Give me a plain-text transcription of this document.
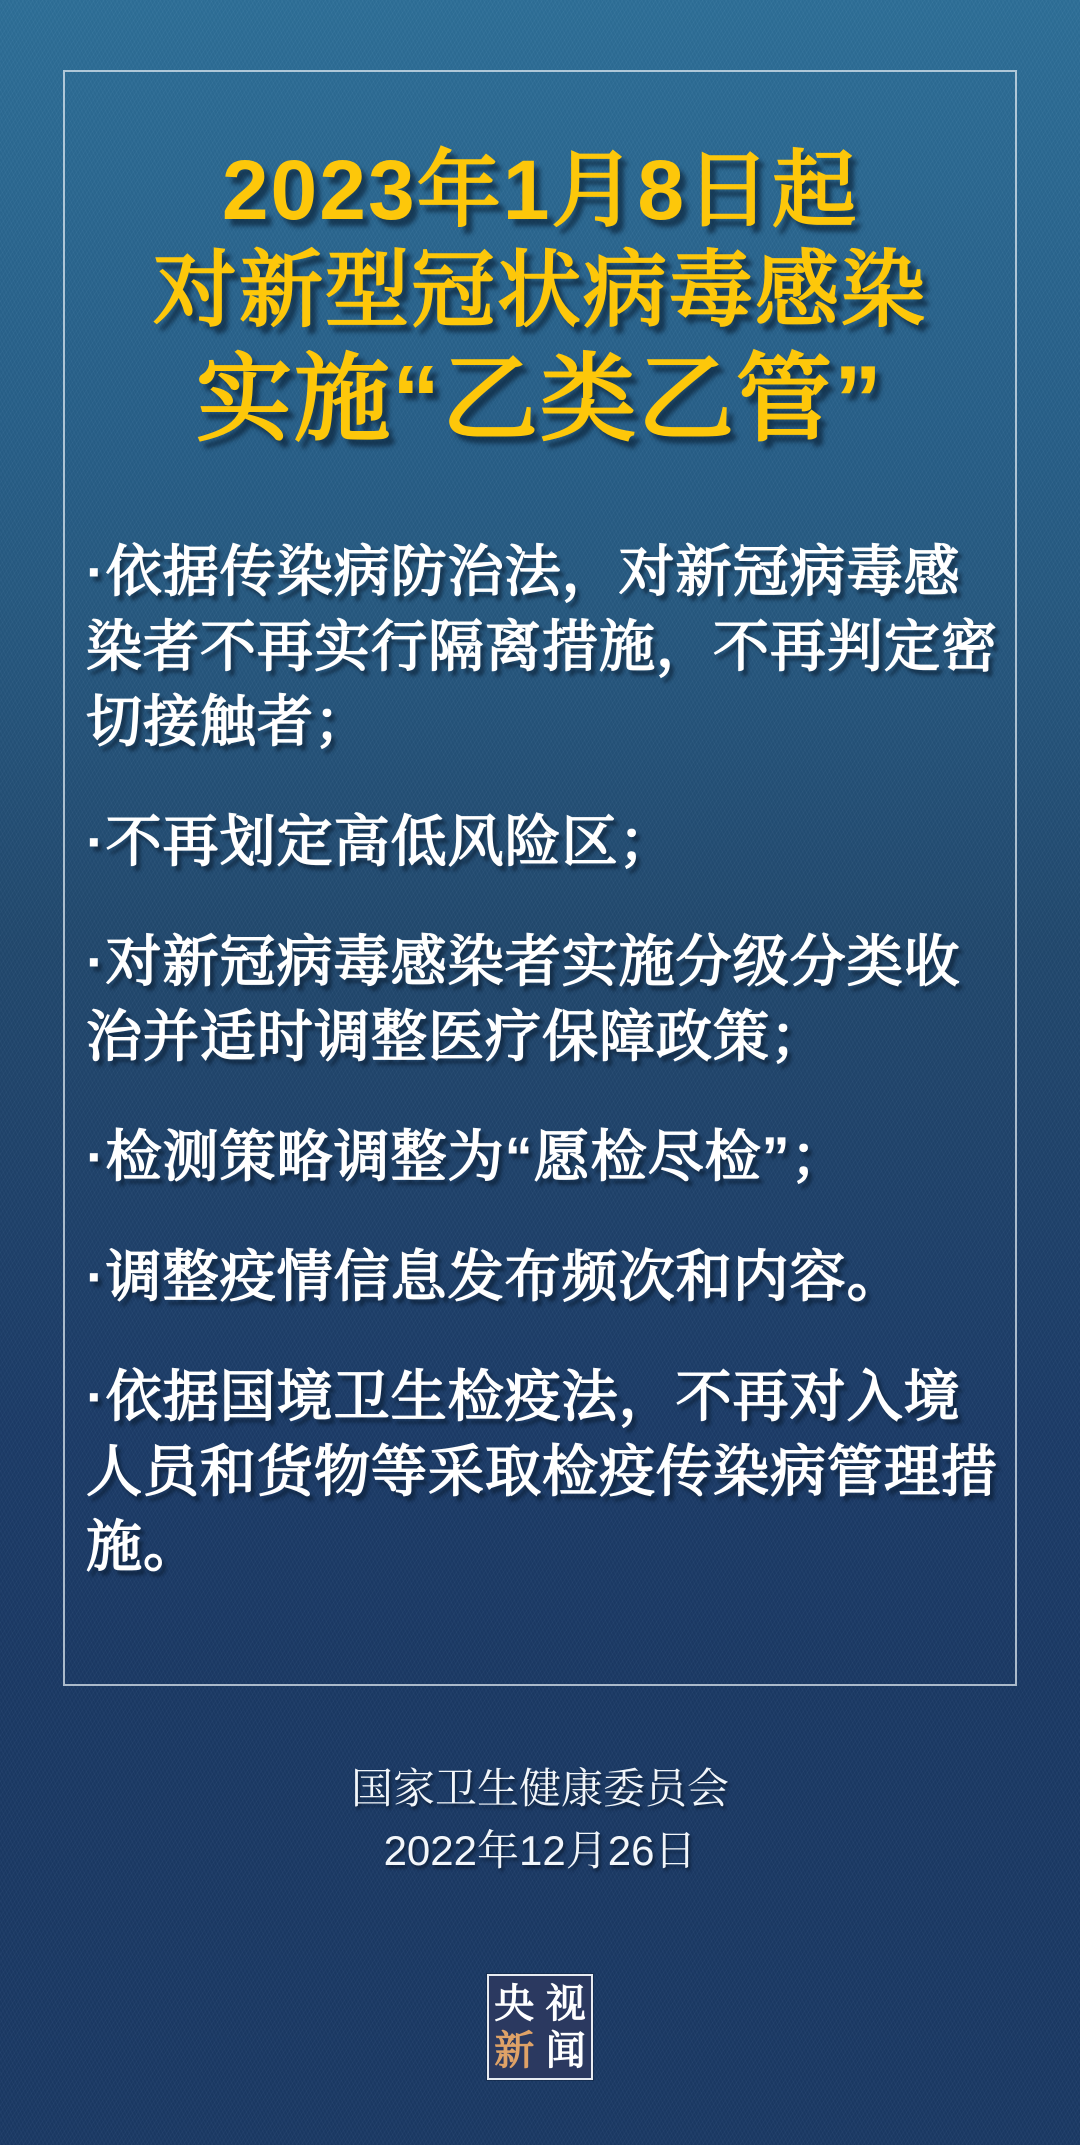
2023年1月8日起
对新型冠状病毒感染
实施“乙类乙管”

·依据传染病防治法，对新冠病毒感染者不再实行隔离措施，不再判定密切接触者；

·不再划定高低风险区；

·对新冠病毒感染者实施分级分类收治并适时调整医疗保障政策；

·检测策略调整为“愿检尽检”；

·调整疫情信息发布频次和内容。

·依据国境卫生检疫法，不再对入境人员和货物等采取检疫传染病管理措施。

国家卫生健康委员会
2022年12月26日
央 视
新 闻
